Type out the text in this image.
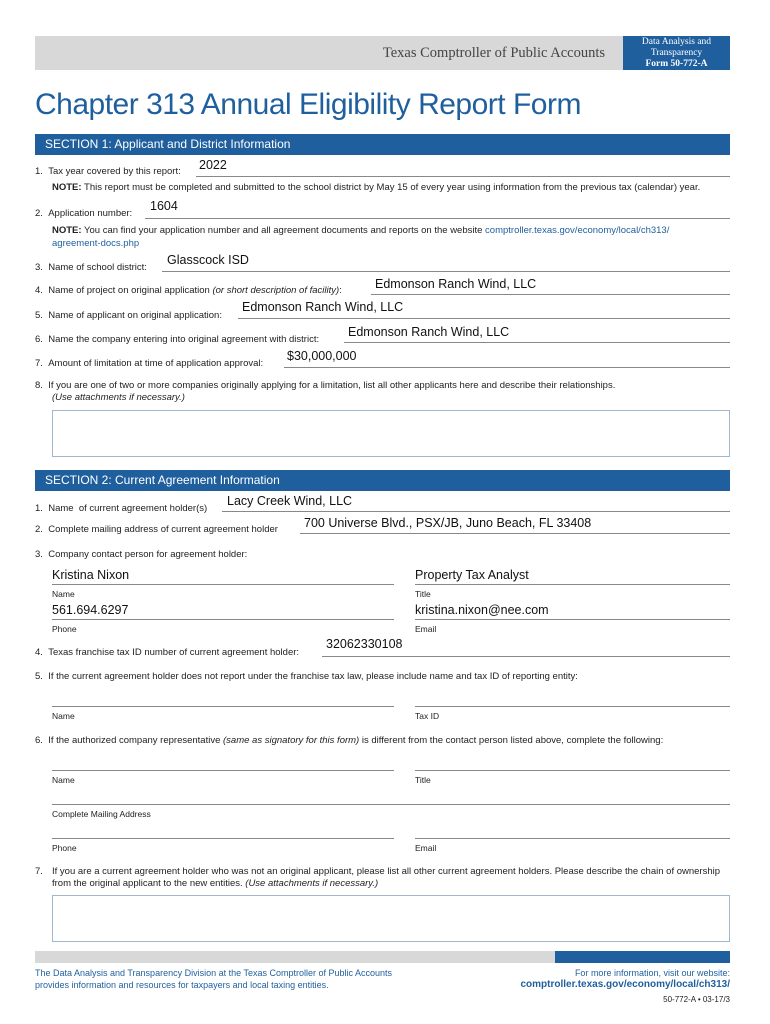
Texas Comptroller of Public Accounts
Data Analysis and
Transparency
Form 50-772-A
Chapter 313 Annual Eligibility Report Form
SECTION 1: Applicant and District Information
1. Tax year covered by this report: 2022
NOTE: This report must be completed and submitted to the school district by May 15 of every year using information from the previous tax (calendar) year.
2. Application number:
1604
NOTE: You can find your application number and all agreement documents and reports on the website comptroller.texas.gov/economy/local/ch313/
agreement-docs.php
3. Name of school district:
Glasscock ISD
4. Name of project on original application (or short description of facility):	Edmonson Ranch Wind, LLC
5. Name of applicant on original application:
Edmonson Ranch Wind, LLC
6. Name the company entering into original agreement with district:
Edmonson Ranch Wind, LLC
7. Amount of limitation at time of application approval:
$30,000,000
8. If you are one of two or more companies originally applying for a limitation, list all other applicants here and describe their relationships.
(Use attachments if necessary.)
SECTION 2: Current Agreement Information
1. Name  of current agreement holder(s)
Lacy Creek Wind, LLC
2. Complete mailing address of current agreement holder 700 Universe Blvd., PSX/JB, Juno Beach, FL 33408
3. Company contact person for agreement holder:
Kristina Nixon
Name
Property Tax Analyst
Title
561.694.6297
Phone
kristina.nixon@nee.com
Email
4. Texas franchise tax ID number of current agreement holder:
32062330108
5. If the current agreement holder does not report under the franchise tax law, please include name and tax ID of reporting entity:
Name	Tax ID
6. If the authorized company representative (same as signatory for this form) is different from the contact person listed above, complete the following:
Name	Title
Complete Mailing Address
Phone	Email
7. If you are a current agreement holder who was not an original applicant, please list all other current agreement holders. Please describe the chain of ownership from the original applicant to the new entities. (Use attachments if necessary.)
The Data Analysis and Transparency Division at the Texas Comptroller of Public Accounts
provides information and resources for taxpayers and local taxing entities.
For more information, visit our website:
comptroller.texas.gov/economy/local/ch313/
50-772-A • 03-17/3
